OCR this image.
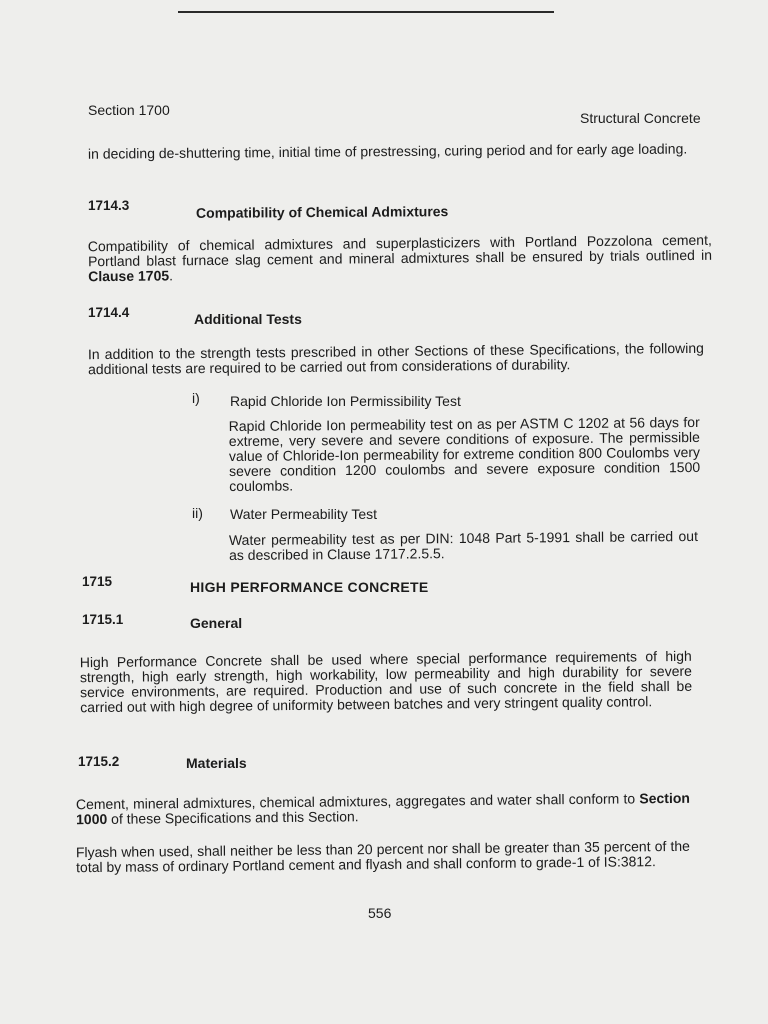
Section 1700	Structural Concrete
in deciding de-shuttering time, initial time of prestressing, curing period and for early age loading.
1714.3	Compatibility of Chemical Admixtures
Compatibility of chemical admixtures and superplasticizers with Portland Pozzolona cement, Portland blast furnace slag cement and mineral admixtures shall be ensured by trials outlined in Clause 1705.
1714.4	Additional Tests
In addition to the strength tests prescribed in other Sections of these Specifications, the following additional tests are required to be carried out from considerations of durability.
i) Rapid Chloride Ion Permissibility Test
Rapid Chloride Ion permeability test on as per ASTM C 1202 at 56 days for extreme, very severe and severe conditions of exposure. The permissible value of Chloride-Ion permeability for extreme condition 800 Coulombs very severe condition 1200 coulombs and severe exposure condition 1500 coulombs.
ii) Water Permeability Test
Water permeability test as per DIN: 1048 Part 5-1991 shall be carried out as described in Clause 1717.2.5.5.
1715	HIGH PERFORMANCE CONCRETE
1715.1	General
High Performance Concrete shall be used where special performance requirements of high strength, high early strength, high workability, low permeability and high durability for severe service environments, are required. Production and use of such concrete in the field shall be carried out with high degree of uniformity between batches and very stringent quality control.
1715.2	Materials
Cement, mineral admixtures, chemical admixtures, aggregates and water shall conform to Section 1000 of these Specifications and this Section.
Flyash when used, shall neither be less than 20 percent nor shall be greater than 35 percent of the total by mass of ordinary Portland cement and flyash and shall conform to grade-1 of IS:3812.
556
